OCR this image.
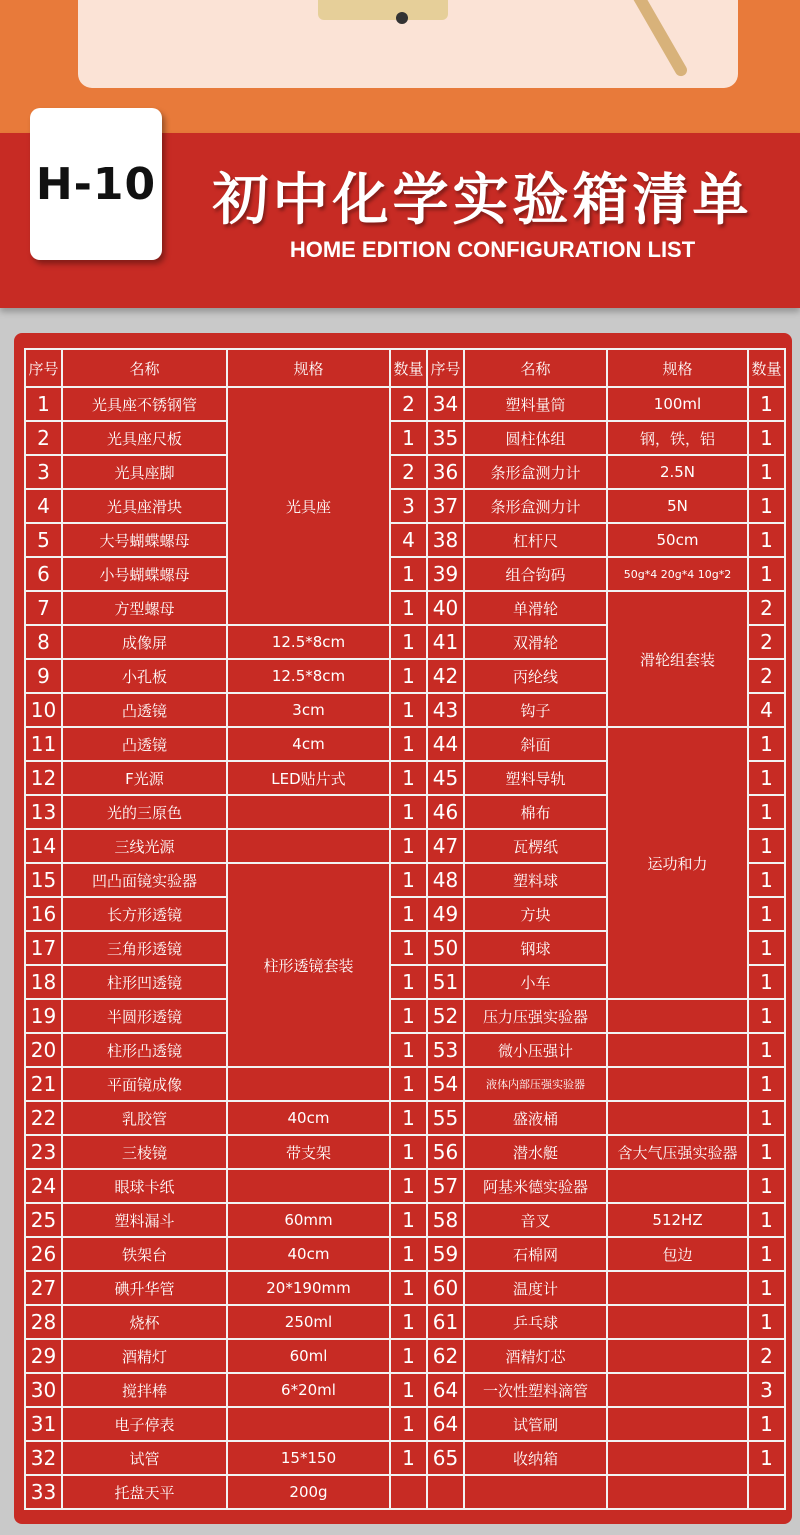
H-10 初中化学实验箱清单
HOME EDITION CONFIGURATION LIST
序号	名称	规格	数量	序号	名称	规格	数量
1	光具座不锈钢管	光具座	2	34	塑料量筒	100ml	1
2	光具座尺板		1	35	圆柱体组	钢，铁，铝	1
3	光具座脚		2	36	条形盒测力计	2.5N	1
4	光具座滑块		3	37	条形盒测力计	5N	1
5	大号蝴蝶螺母		4	38	杠杆尺	50cm	1
6	小号蝴蝶螺母		1	39	组合钩码	50g*4 20g*4 10g*2	1
7	方型螺母		1	40	单滑轮	滑轮组套装	2
8	成像屏	12.5*8cm	1	41	双滑轮		2
9	小孔板	12.5*8cm	1	42	丙纶线		2
10	凸透镜	3cm	1	43	钩子		4
11	凸透镜	4cm	1	44	斜面	运功和力	1
12	F光源	LED贴片式	1	45	塑料导轨		1
13	光的三原色		1	46	棉布		1
14	三线光源		1	47	瓦楞纸		1
15	凹凸面镜实验器	柱形透镜套装	1	48	塑料球		1
16	长方形透镜		1	49	方块		1
17	三角形透镜		1	50	钢球		1
18	柱形凹透镜		1	51	小车		1
19	半圆形透镜		1	52	压力压强实验器		1
20	柱形凸透镜		1	53	微小压强计		1
21	平面镜成像		1	54	液体内部压强实验器		1
22	乳胶管	40cm	1	55	盛液桶		1
23	三棱镜	带支架	1	56	潜水艇	含大气压强实验器	1
24	眼球卡纸		1	57	阿基米德实验器		1
25	塑料漏斗	60mm	1	58	音叉	512HZ	1
26	铁架台	40cm	1	59	石棉网	包边	1
27	碘升华管	20*190mm	1	60	温度计		1
28	烧杯	250ml	1	61	乒乓球		1
29	酒精灯	60ml	1	62	酒精灯芯		2
30	搅拌棒	6*20ml	1	64	一次性塑料滴管		3
31	电子停表		1	64	试管刷		1
32	试管	15*150	1	65	收纳箱		1
33	托盘天平	200g					
